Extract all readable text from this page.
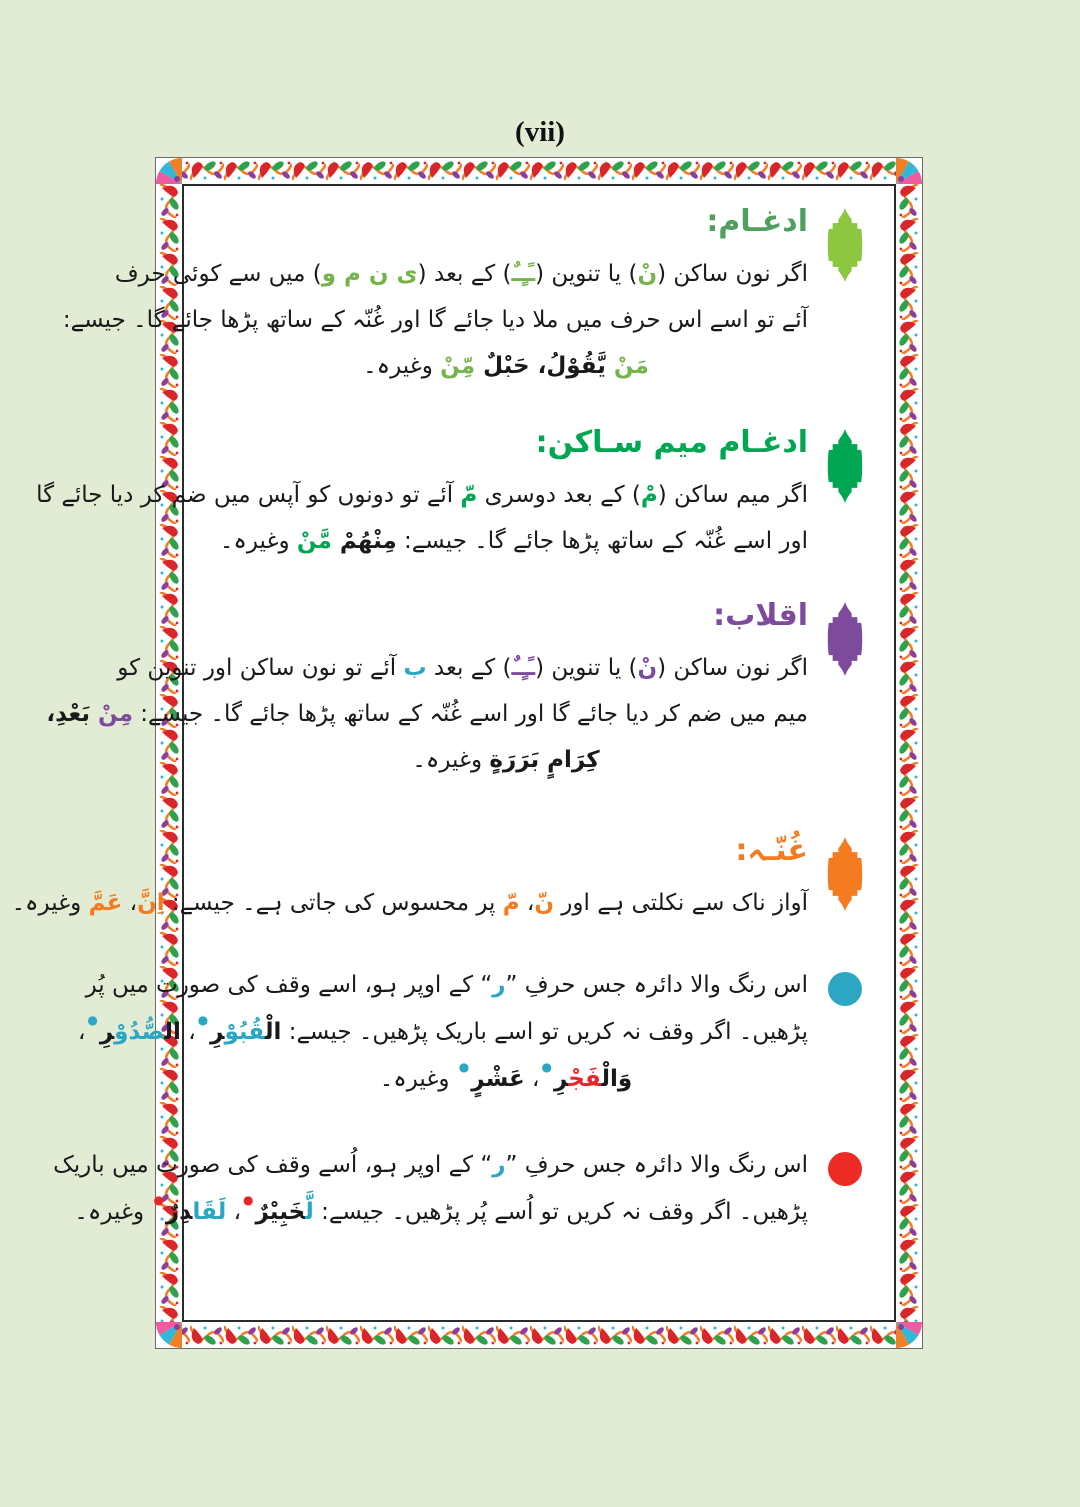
(vii)
ادغـام:
اگر نون ساکن (نْ) یا تنوین (ـًـٍـٌ) کے بعد (ی ن م و) میں سے کوئی حرف
آئے تو اسے اس حرف میں ملا دیا جائے گا اور غُنّہ کے ساتھ پڑھا جائے گا۔ جیسے:
مَنْ يَّقُوْلُ، حَبْلٌ مِّنْ وغیرہ۔
ادغـام میم سـاکن:
اگر میم ساکن (مْ) کے بعد دوسری مّ آئے تو دونوں کو آپس میں ضم کر دیا جائے گا
اور اسے غُنّہ کے ساتھ پڑھا جائے گا۔ جیسے: مِنْهُمْ مَّنْ وغیرہ۔
اقلاب:
اگر نون ساکن (نْ) یا تنوین (ـًـٍـٌ) کے بعد ب آئے تو نون ساکن اور تنوین کو
میم میں ضم کر دیا جائے گا اور اسے غُنّہ کے ساتھ پڑھا جائے گا۔ جیسے: مِنْ بَعْدِ،
کِرَامٍ بَرَرَةٍ وغیرہ۔
غُنّـہ:
آواز ناک سے نکلتی ہے اور نّ، مّ پر محسوس کی جاتی ہے۔ جیسے: اِنَّ، عَمَّ وغیرہ۔
اس رنگ والا دائرہ جس حرفِ ”ر“ کے اوپر ہو، اسے وقف کی صورت میں پُر
پڑھیں۔ اگر وقف نہ کریں تو اسے باریک پڑھیں۔ جیسے: الْ‍‍قُبُوْ‍‍رِ●، ال‍‍صُّدُوْ‍‍رِ●،
وَالْ‍‍فَجْ‍‍رِ●، عَشْرٍ● وغیرہ۔
اس رنگ والا دائرہ جس حرفِ ”ر“ کے اوپر ہو، اُسے وقف کی صورت میں باریک
پڑھیں۔ اگر وقف نہ کریں تو اُسے پُر پڑھیں۔ جیسے: لَّ‍‍خَبِيْرٌ●، لَقَا‍‍دِرٌ● وغیرہ۔
